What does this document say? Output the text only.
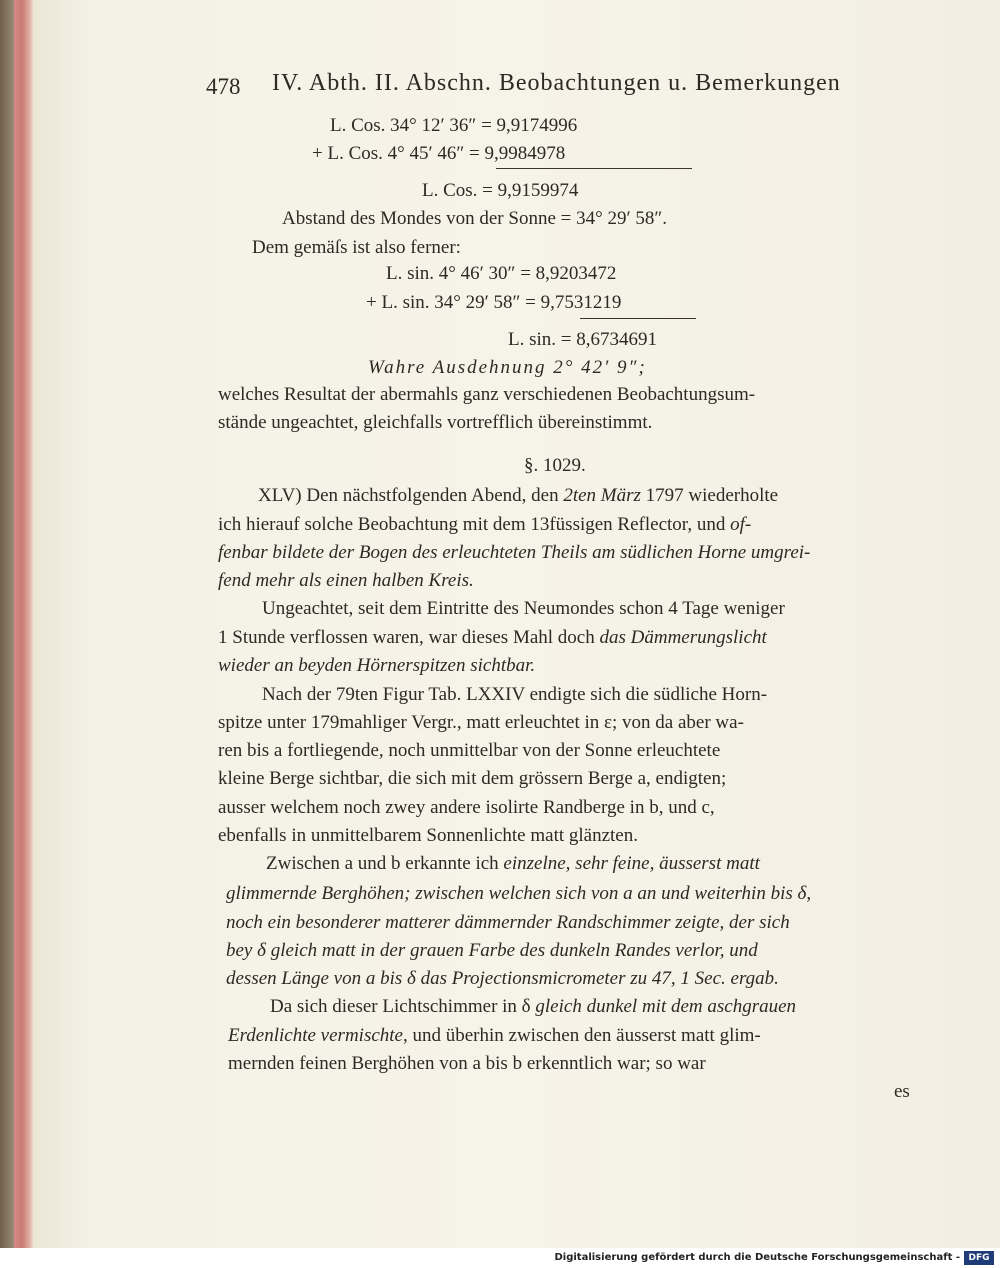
478 IV. Abth. II. Abschn. Beobachtungen u. Bemerkungen
L. Cos. 34° 12′ 36″ = 9,9174996
+ L. Cos. 4° 45′ 46″ = 9,9984978
L. Cos. = 9,9159974
Abstand des Mondes von der Sonne = 34° 29′ 58″.
Dem gemäſs ist also ferner:
L. sin. 4° 46′ 30″ = 8,9203472
+ L. sin. 34° 29′ 58″ = 9,7531219
L. sin. = 8,6734691
Wahre Ausdehnung 2° 42′ 9″;
welches Resultat der abermahls ganz verschiedenen Beobachtungsum-
stände ungeachtet, gleichfalls vortrefflich übereinstimmt.
§. 1029.
XLV) Den nächstfolgenden Abend, den 2ten März 1797 wiederholte
ich hierauf solche Beobachtung mit dem 13füssigen Reflector, und of-
fenbar bildete der Bogen des erleuchteten Theils am südlichen Horne umgrei-
fend mehr als einen halben Kreis.
Ungeachtet, seit dem Eintritte des Neumondes schon 4 Tage weniger
1 Stunde verflossen waren, war dieses Mahl doch das Dämmerungslicht
wieder an beyden Hörnerspitzen sichtbar.
Nach der 79ten Figur Tab. LXXIV endigte sich die südliche Horn-
spitze unter 179mahliger Vergr., matt erleuchtet in ε; von da aber wa-
ren bis a fortliegende, noch unmittelbar von der Sonne erleuchtete
kleine Berge sichtbar, die sich mit dem grössern Berge a, endigten;
ausser welchem noch zwey andere isolirte Randberge in b, und c,
ebenfalls in unmittelbarem Sonnenlichte matt glänzten.
Zwischen a und b erkannte ich einzelne, sehr feine, äusserst matt
glimmernde Berghöhen; zwischen welchen sich von a an und weiterhin bis δ,
noch ein besonderer matterer dämmernder Randschimmer zeigte, der sich
bey δ gleich matt in der grauen Farbe des dunkeln Randes verlor, und
dessen Länge von a bis δ das Projectionsmicrometer zu 47, 1 Sec. ergab.
Da sich dieser Lichtschimmer in δ gleich dunkel mit dem aschgrauen
Erdenlichte vermischte, und überhin zwischen den äusserst matt glim-
mernden feinen Berghöhen von a bis b erkenntlich war; so war
es
Digitalisierung gefördert durch die Deutsche Forschungsgemeinschaft - DFG
